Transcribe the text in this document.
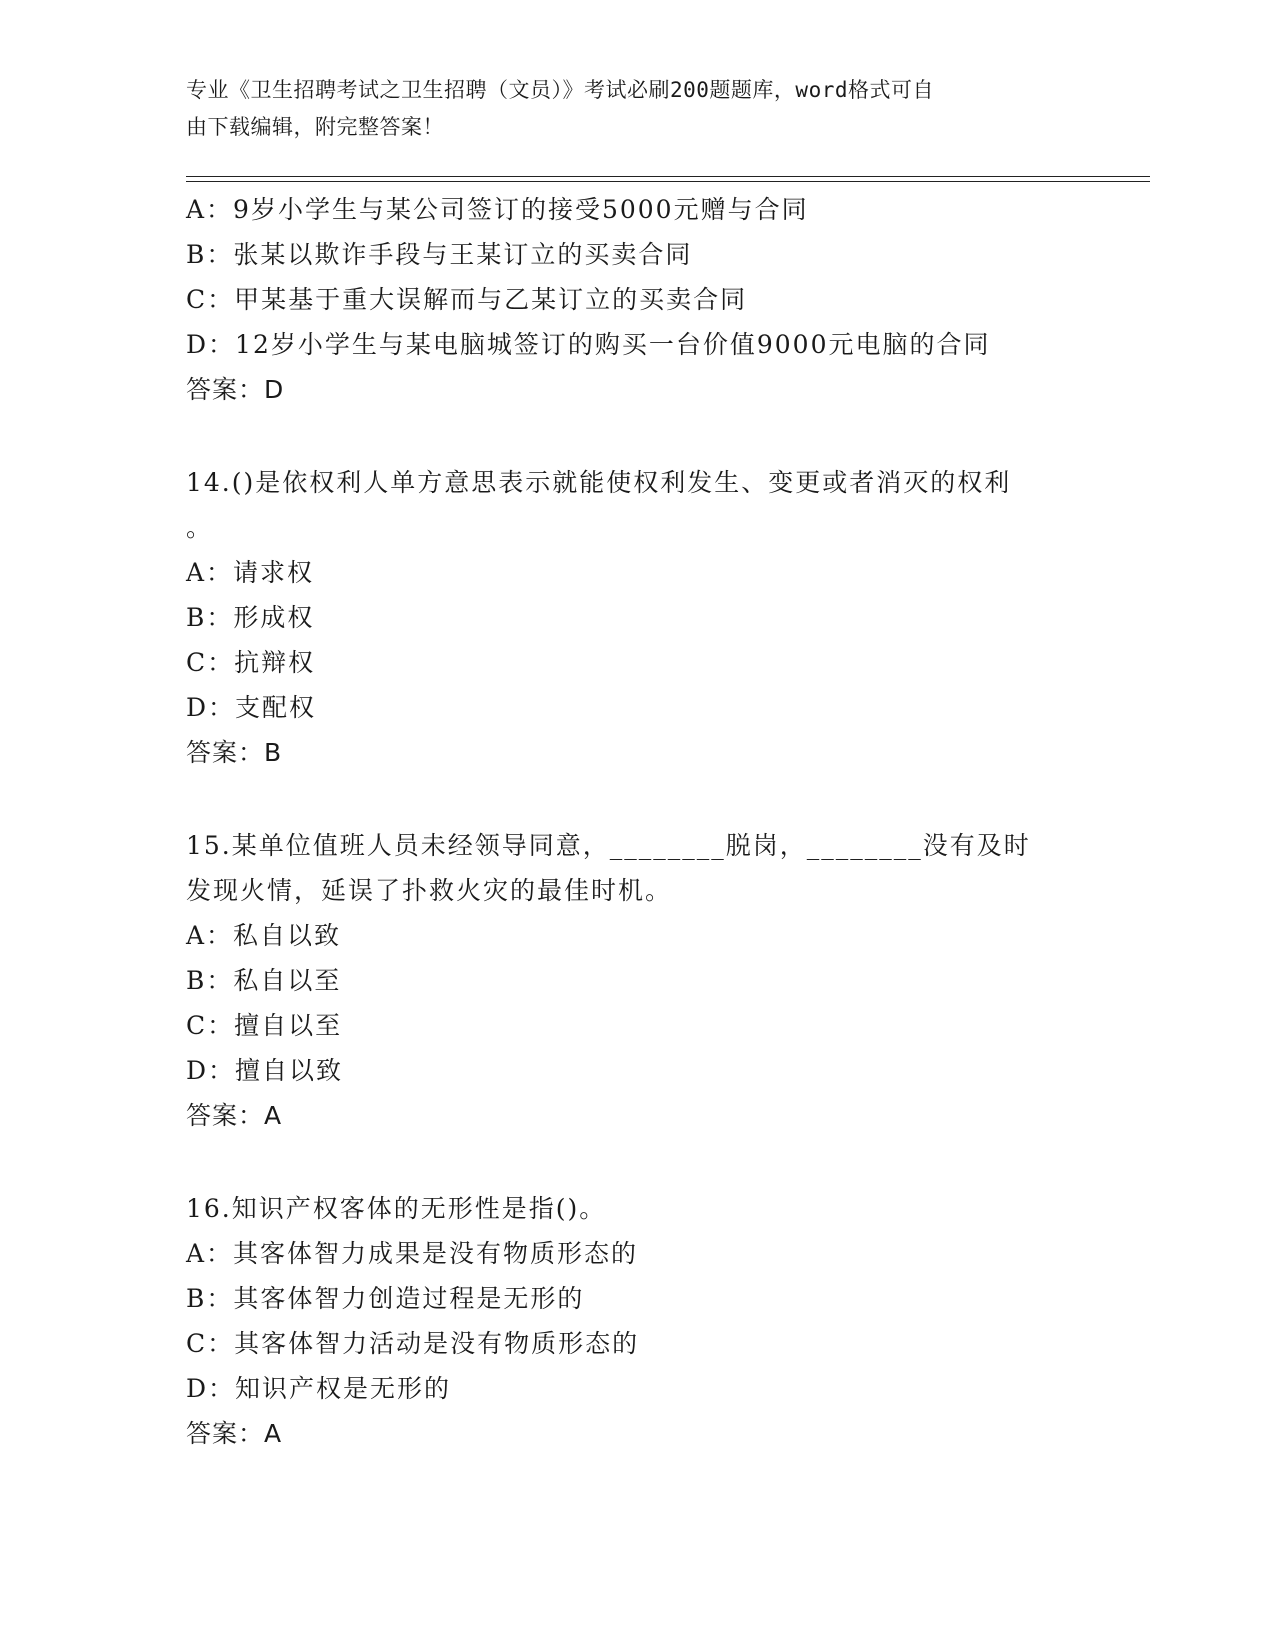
专业《卫生招聘考试之卫生招聘（文员）》考试必刷200题题库，word格式可自
由下载编辑，附完整答案！
A：9岁小学生与某公司签订的接受5000元赠与合同
B：张某以欺诈手段与王某订立的买卖合同
C：甲某基于重大误解而与乙某订立的买卖合同
D：12岁小学生与某电脑城签订的购买一台价值9000元电脑的合同
答案：D
14.()是依权利人单方意思表示就能使权利发生、变更或者消灭的权利
。
A：请求权
B：形成权
C：抗辩权
D：支配权
答案：B
15.某单位值班人员未经领导同意，________脱岗，________没有及时
发现火情，延误了扑救火灾的最佳时机。
A：私自以致
B：私自以至
C：擅自以至
D：擅自以致
答案：A
16.知识产权客体的无形性是指()。
A：其客体智力成果是没有物质形态的
B：其客体智力创造过程是无形的
C：其客体智力活动是没有物质形态的
D：知识产权是无形的
答案：A
